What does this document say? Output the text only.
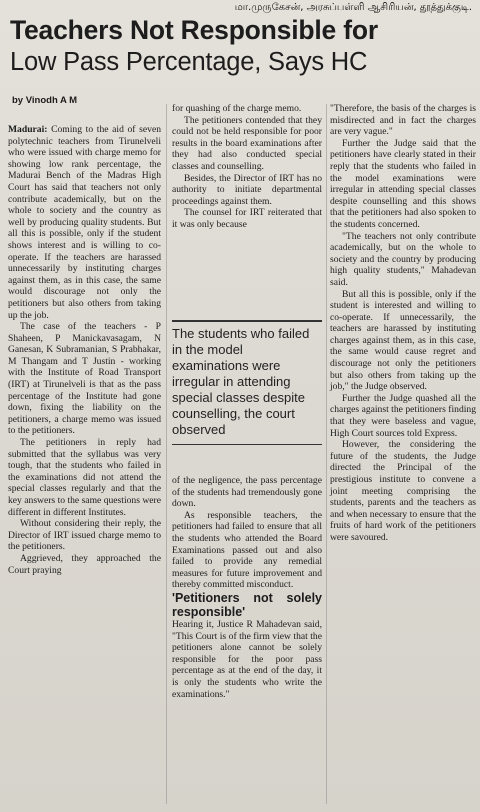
மா.முருகேசன், அரசுப்பள்ளி ஆசிரியன், தூத்துக்குடி.
Teachers Not Responsible for
Low Pass Percentage, Says HC
by Vinodh A M

Madurai: Coming to the aid of seven polytechnic teachers from Tirunelveli who were issued with charge memo for showing low rank percentage, the Madurai Bench of the Madras High Court has said that teachers not only contribute academically, but on the whole to society and the country as well by producing quality students. But all this is possible, only if the student shows interest and is willing to co-operate. If the teachers are harassed unnecessarily by instituting charges against them, as in this case, the same would discourage not only the petitioners but also others from taking up the job.

The case of the teachers - P Shaheen, P Manickavasagam, N Ganesan, K Subramanian, S Prabhakar, M Thangam and T Justin - working with the Institute of Road Transport (IRT) at Tirunelveli is that as the pass percentage of the Institute had gone down, fixing the liability on the petitioners, a charge memo was issued to the petitioners.

The petitioners in reply had submitted that the syllabus was very tough, that the students who failed in the examinations did not attend the special classes regularly and that the key answers to the same questions were different in different Institutes.

Without considering their reply, the Director of IRT issued charge memo to the petitioners.

Aggrieved, they approached the Court praying

for quashing of the charge memo.

The petitioners contended that they could not be held responsible for poor results in the board examinations after they had also conducted special classes and counselling.

Besides, the Director of IRT has no authority to initiate departmental proceedings against them.

The counsel for IRT reiterated that it was only because

The students who failed in the model examinations were irregular in attending special classes despite counselling, the court observed

of the negligence, the pass percentage of the students had tremendously gone down.

As responsible teachers, the petitioners had failed to ensure that all the students who attended the Board Examinations passed out and also failed to provide any remedial measures for future improvement and thereby committed misconduct.

'Petitioners not solely responsible'

Hearing it, Justice R Mahadevan said, "This Court is of the firm view that the petitioners alone cannot be solely responsible for the poor pass percentage as at the end of the day, it is only the students who write the examinations."

"Therefore, the basis of the charges is misdirected and in fact the charges are very vague."

Further the Judge said that the petitioners have clearly stated in their reply that the students who failed in the model examinations were irregular in attending special classes despite counselling and this shows that the petitioners had also spoken to the students concerned.

"The teachers not only contribute academically, but on the whole to society and the country by producing high quality students," Mahadevan said.

But all this is possible, only if the student is interested and willing to co-operate. If unnecessarily, the teachers are harassed by instituting charges against them, as in this case, the same would cause regret and discourage not only the petitioners but also others from taking up the job," the Judge observed.

Further the Judge quashed all the charges against the petitioners finding that they were baseless and vague, High Court sources told Express.

However, the considering the future of the students, the Judge directed the Principal of the prestigious institute to convene a joint meeting comprising the students, parents and the teachers as and when necessary to ensure that the fruits of hard work of the petitioners were savoured.
